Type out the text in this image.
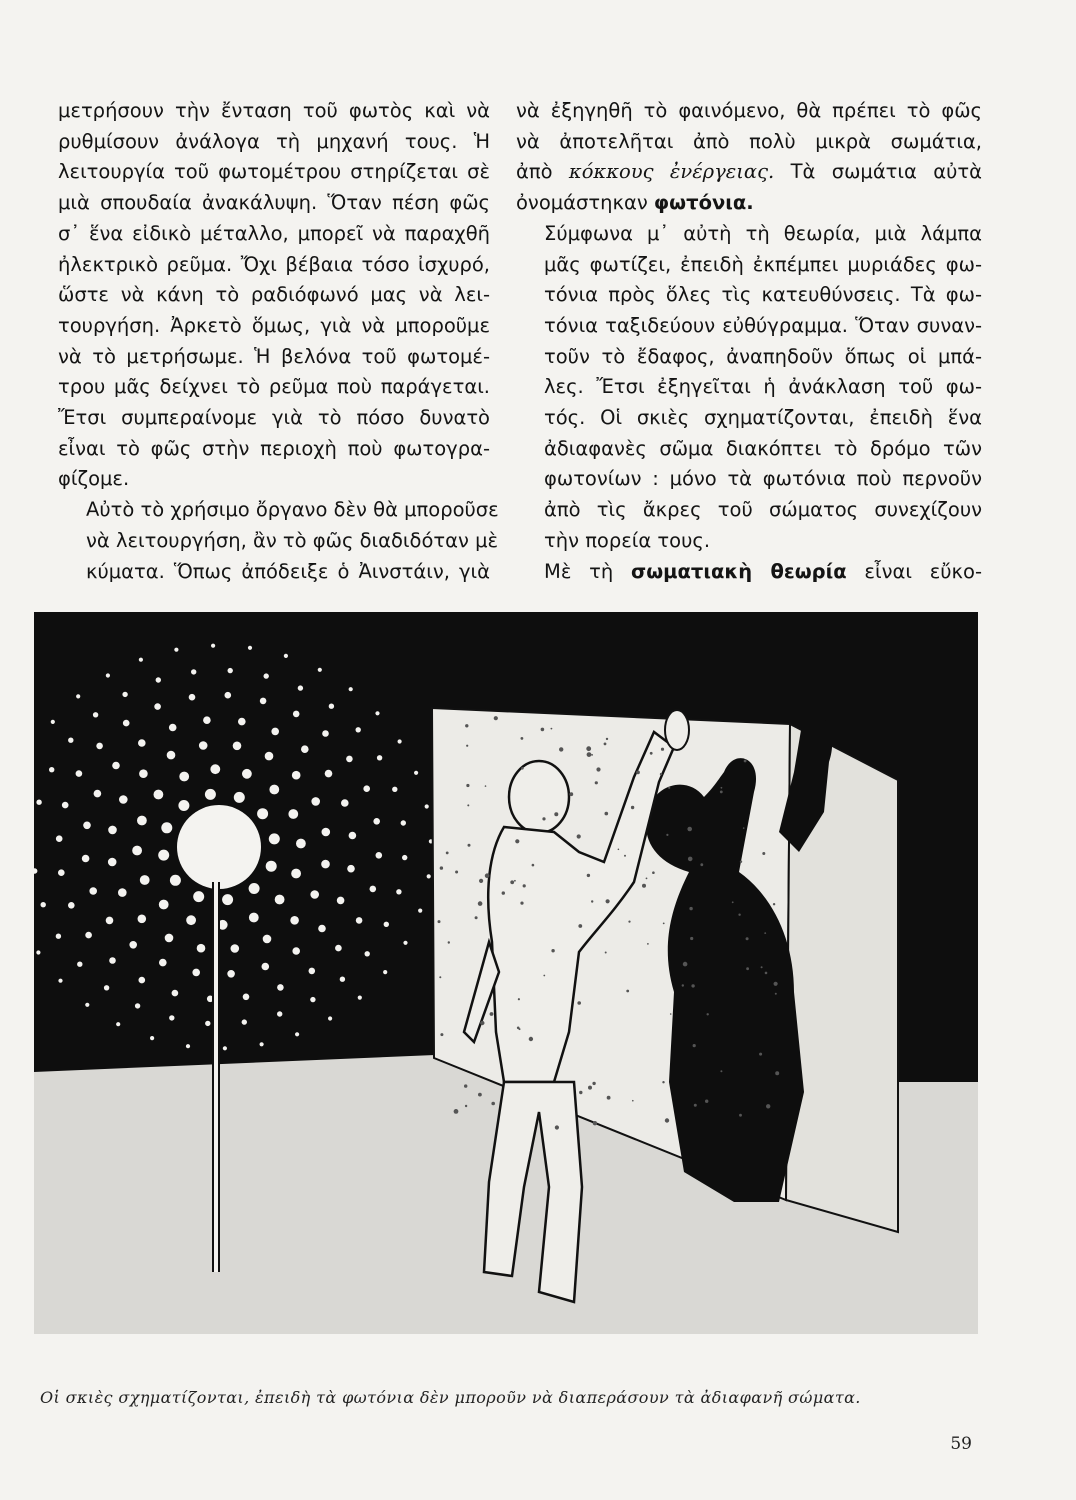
μετρήσουν τὴν ἔνταση τοῦ φωτὸς καὶ νὰ
ρυθμίσουν ἀνάλογα τὴ μηχανή τους. Ἡ
λειτουργία τοῦ φωτομέτρου στηρίζεται σὲ
μιὰ σπουδαία ἀνακάλυψη. Ὅταν πέση φῶς
σ᾿ ἕνα εἰδικὸ μέταλλο, μπορεῖ νὰ παραχθῆ
ἠλεκτρικὸ ρεῦμα. Ὄχι βέβαια τόσο ἰσχυρό,
ὥστε νὰ κάνη τὸ ραδιόφωνό μας νὰ λει-
τουργήση. Ἀρκετὸ ὅμως, γιὰ νὰ μποροῦμε
νὰ τὸ μετρήσωμε. Ἡ βελόνα τοῦ φωτομέ-
τρου μᾶς δείχνει τὸ ρεῦμα ποὺ παράγεται.
Ἔτσι συμπεραίνομε γιὰ τὸ πόσο δυνατὸ
εἶναι τὸ φῶς στὴν περιοχὴ ποὺ φωτογρα-
φίζομε.

Αὐτὸ τὸ χρήσιμο ὄργανο δὲν θὰ μποροῦσε
νὰ λειτουργήση, ἂν τὸ φῶς διαδιδόταν μὲ
κύματα. Ὅπως ἀπόδειξε ὁ Ἀινστάιν, γιὰ

νὰ ἐξηγηθῆ τὸ φαινόμενο, θὰ πρέπει τὸ φῶς
νὰ ἀποτελῆται ἀπὸ πολὺ μικρὰ σωμάτια,
ἀπὸ κόκκους ἐνέργειας. Τὰ σωμάτια αὐτὰ
ὀνομάστηκαν φωτόνια.

Σύμφωνα μ᾿ αὐτὴ τὴ θεωρία, μιὰ λάμπα
μᾶς φωτίζει, ἐπειδὴ ἐκπέμπει μυριάδες φω-
τόνια πρὸς ὅλες τὶς κατευθύνσεις. Τὰ φω-
τόνια ταξιδεύουν εὐθύγραμμα. Ὅταν συναν-
τοῦν τὸ ἔδαφος, ἀναπηδοῦν ὅπως οἱ μπά-
λες. Ἔτσι ἐξηγεῖται ἡ ἀνάκλαση τοῦ φω-
τός. Οἱ σκιὲς σχηματίζονται, ἐπειδὴ ἕνα
ἀδιαφανὲς σῶμα διακόπτει τὸ δρόμο τῶν
φωτονίων : μόνο τὰ φωτόνια ποὺ περνοῦν
ἀπὸ τὶς ἄκρες τοῦ σώματος συνεχίζουν
τὴν πορεία τους.

Μὲ τὴ σωματιακὴ θεωρία εἶναι εὔκο-

Οἱ σκιὲς σχηματίζονται, ἐπειδὴ τὰ φωτόνια δὲν μποροῦν νὰ διαπεράσουν τὰ ἀδιαφανῆ σώματα.
59
